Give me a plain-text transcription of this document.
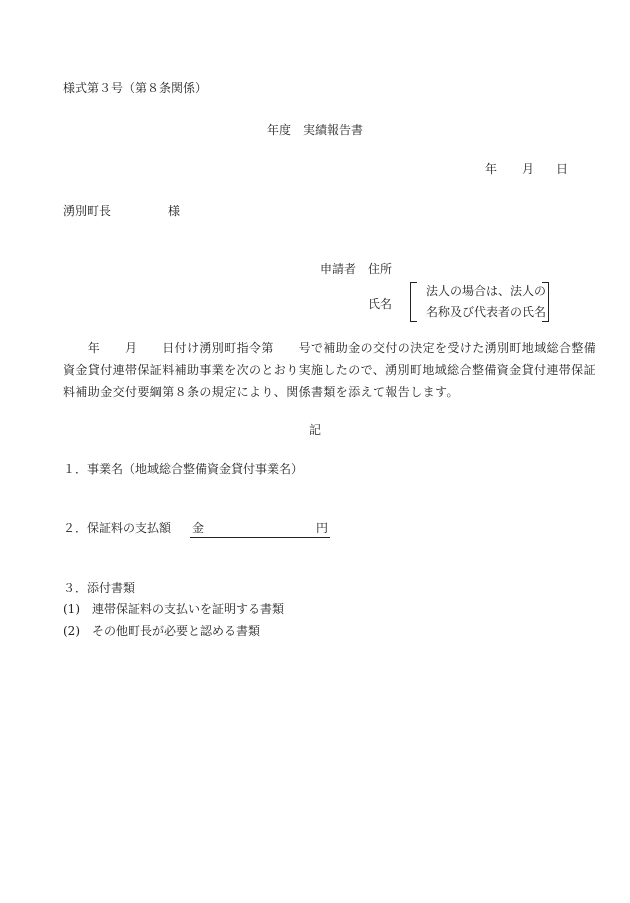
様式第３号（第８条関係）
年度　実績報告書
年 月 日
湧別町長	様
申請者 住所
氏名
法人の場合は、法人の
名称及び代表者の氏名
　　年　　月　　日付け湧別町指令第　　号で補助金の交付の決定を受けた湧別町地域総合整備
資金貸付連帯保証料補助事業を次のとおり実施したので、湧別町地域総合整備資金貸付連帯保証
料補助金交付要綱第８条の規定により、関係書類を添えて報告します。
記
１．事業名（地域総合整備資金貸付事業名）
２．保証料の支払額 金	円
３．添付書類
(1)　連帯保証料の支払いを証明する書類
(2)　その他町長が必要と認める書類
